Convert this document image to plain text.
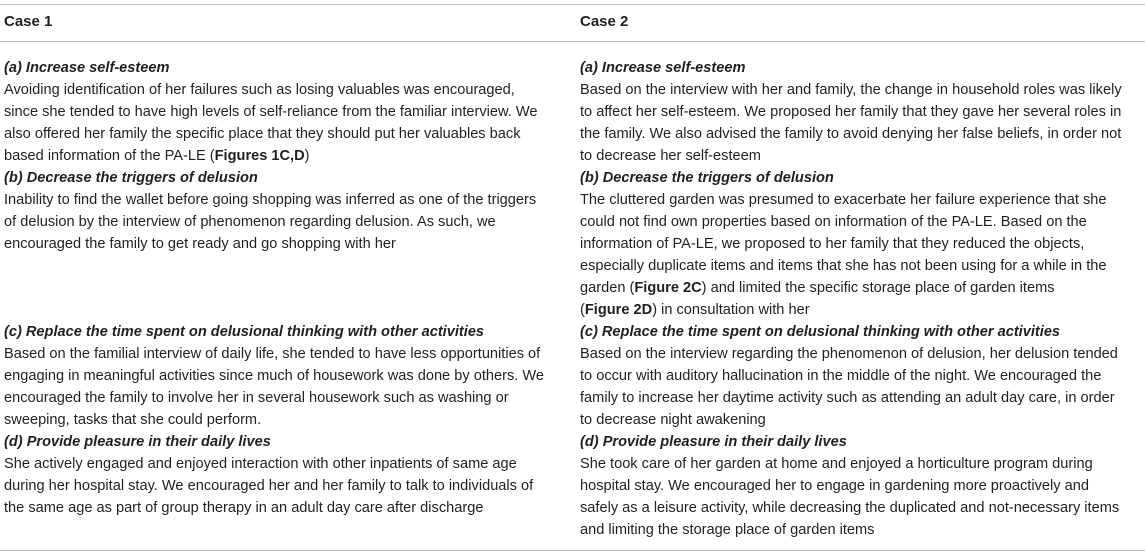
Case 1	Case 2
(a) Increase self-esteem
Avoiding identification of her failures such as losing valuables was encouraged,
since she tended to have high levels of self-reliance from the familiar interview. We
also offered her family the specific place that they should put her valuables back
based information of the PA-LE (Figures 1C,D)
(a) Increase self-esteem
Based on the interview with her and family, the change in household roles was likely
to affect her self-esteem. We proposed her family that they gave her several roles in
the family. We also advised the family to avoid denying her false beliefs, in order not
to decrease her self-esteem
(b) Decrease the triggers of delusion
Inability to find the wallet before going shopping was inferred as one of the triggers
of delusion by the interview of phenomenon regarding delusion. As such, we
encouraged the family to get ready and go shopping with her
(b) Decrease the triggers of delusion
The cluttered garden was presumed to exacerbate her failure experience that she
could not find own properties based on information of the PA-LE. Based on the
information of PA-LE, we proposed to her family that they reduced the objects,
especially duplicate items and items that she has not been using for a while in the
garden (Figure 2C) and limited the specific storage place of garden items
(Figure 2D) in consultation with her
(c) Replace the time spent on delusional thinking with other activities
Based on the familial interview of daily life, she tended to have less opportunities of
engaging in meaningful activities since much of housework was done by others. We
encouraged the family to involve her in several housework such as washing or
sweeping, tasks that she could perform.
(c) Replace the time spent on delusional thinking with other activities
Based on the interview regarding the phenomenon of delusion, her delusion tended
to occur with auditory hallucination in the middle of the night. We encouraged the
family to increase her daytime activity such as attending an adult day care, in order
to decrease night awakening
(d) Provide pleasure in their daily lives
She actively engaged and enjoyed interaction with other inpatients of same age
during her hospital stay. We encouraged her and her family to talk to individuals of
the same age as part of group therapy in an adult day care after discharge
(d) Provide pleasure in their daily lives
She took care of her garden at home and enjoyed a horticulture program during
hospital stay. We encouraged her to engage in gardening more proactively and
safely as a leisure activity, while decreasing the duplicated and not-necessary items
and limiting the storage place of garden items
